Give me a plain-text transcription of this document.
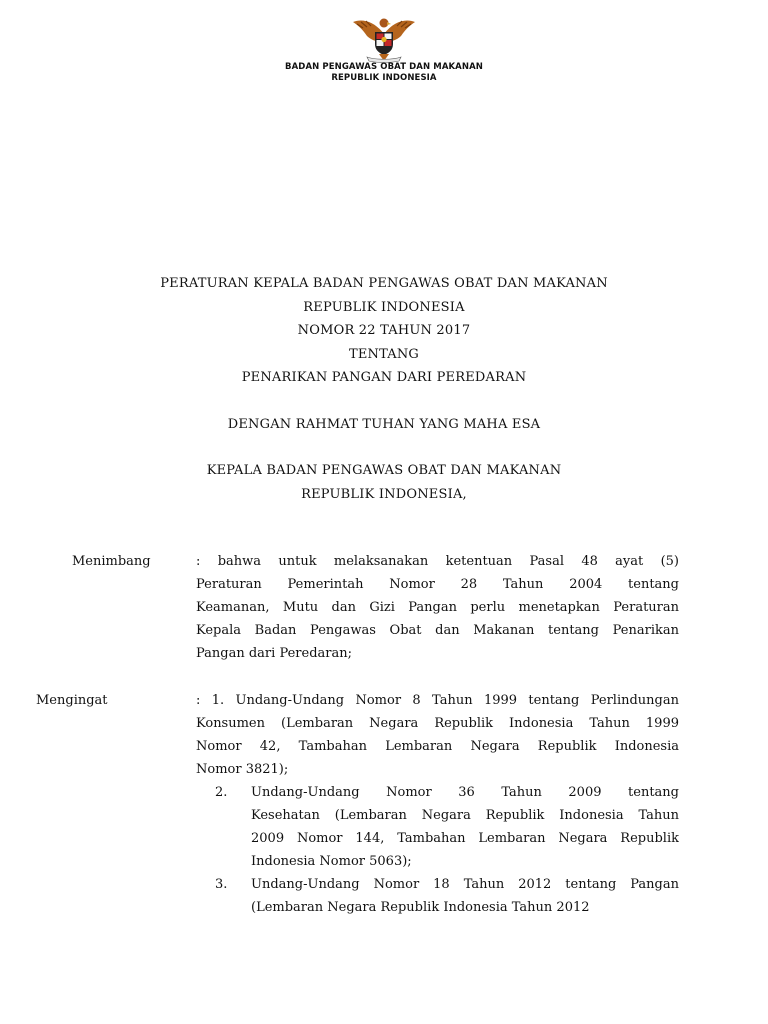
BADAN PENGAWAS OBAT DAN MAKANAN
REPUBLIK INDONESIA
PERATURAN KEPALA BADAN PENGAWAS OBAT DAN MAKANAN
REPUBLIK INDONESIA
NOMOR 22 TAHUN 2017
TENTANG
PENARIKAN PANGAN DARI PEREDARAN
DENGAN RAHMAT TUHAN YANG MAHA ESA
KEPALA BADAN PENGAWAS OBAT DAN MAKANAN
REPUBLIK INDONESIA,
Menimbang	: bahwa untuk melaksanakan ketentuan Pasal 48 ayat (5)
Peraturan Pemerintah Nomor 28 Tahun 2004 tentang
Keamanan, Mutu dan Gizi Pangan perlu menetapkan Peraturan
Kepala Badan Pengawas Obat dan Makanan tentang Penarikan
Pangan dari Peredaran;
Mengingat	: 1. Undang-Undang Nomor 8 Tahun 1999 tentang Perlindungan
Konsumen (Lembaran Negara Republik Indonesia Tahun 1999
Nomor 42, Tambahan Lembaran Negara Republik Indonesia
Nomor 3821);
2. Undang-Undang Nomor 36 Tahun 2009 tentang
Kesehatan (Lembaran Negara Republik Indonesia Tahun
2009 Nomor 144, Tambahan Lembaran Negara Republik
Indonesia Nomor 5063);
3. Undang-Undang Nomor 18 Tahun 2012 tentang Pangan
(Lembaran Negara Republik Indonesia Tahun 2012
